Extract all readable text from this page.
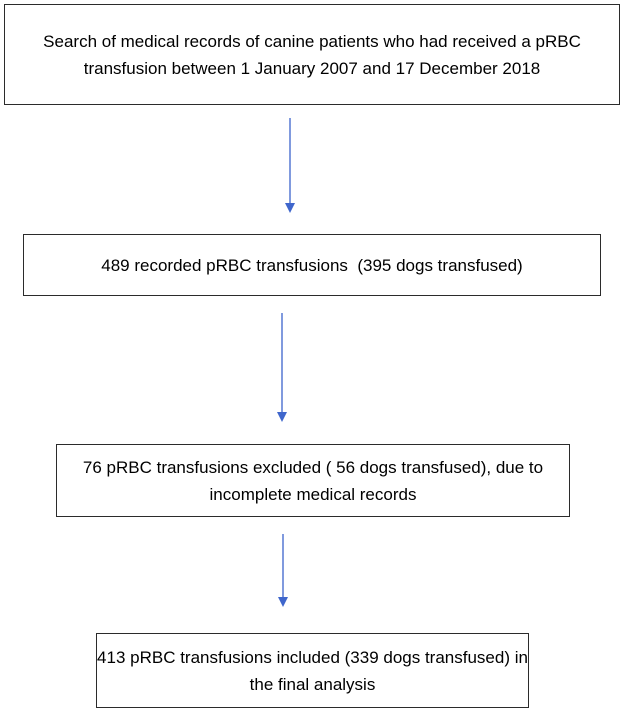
Search of medical records of canine patients who had received a pRBC transfusion between 1 January 2007 and 17 December 2018
489 recorded pRBC transfusions  (395 dogs transfused)
76 pRBC transfusions excluded ( 56 dogs transfused), due to incomplete medical records
413 pRBC transfusions included (339 dogs transfused) in the final analysis
